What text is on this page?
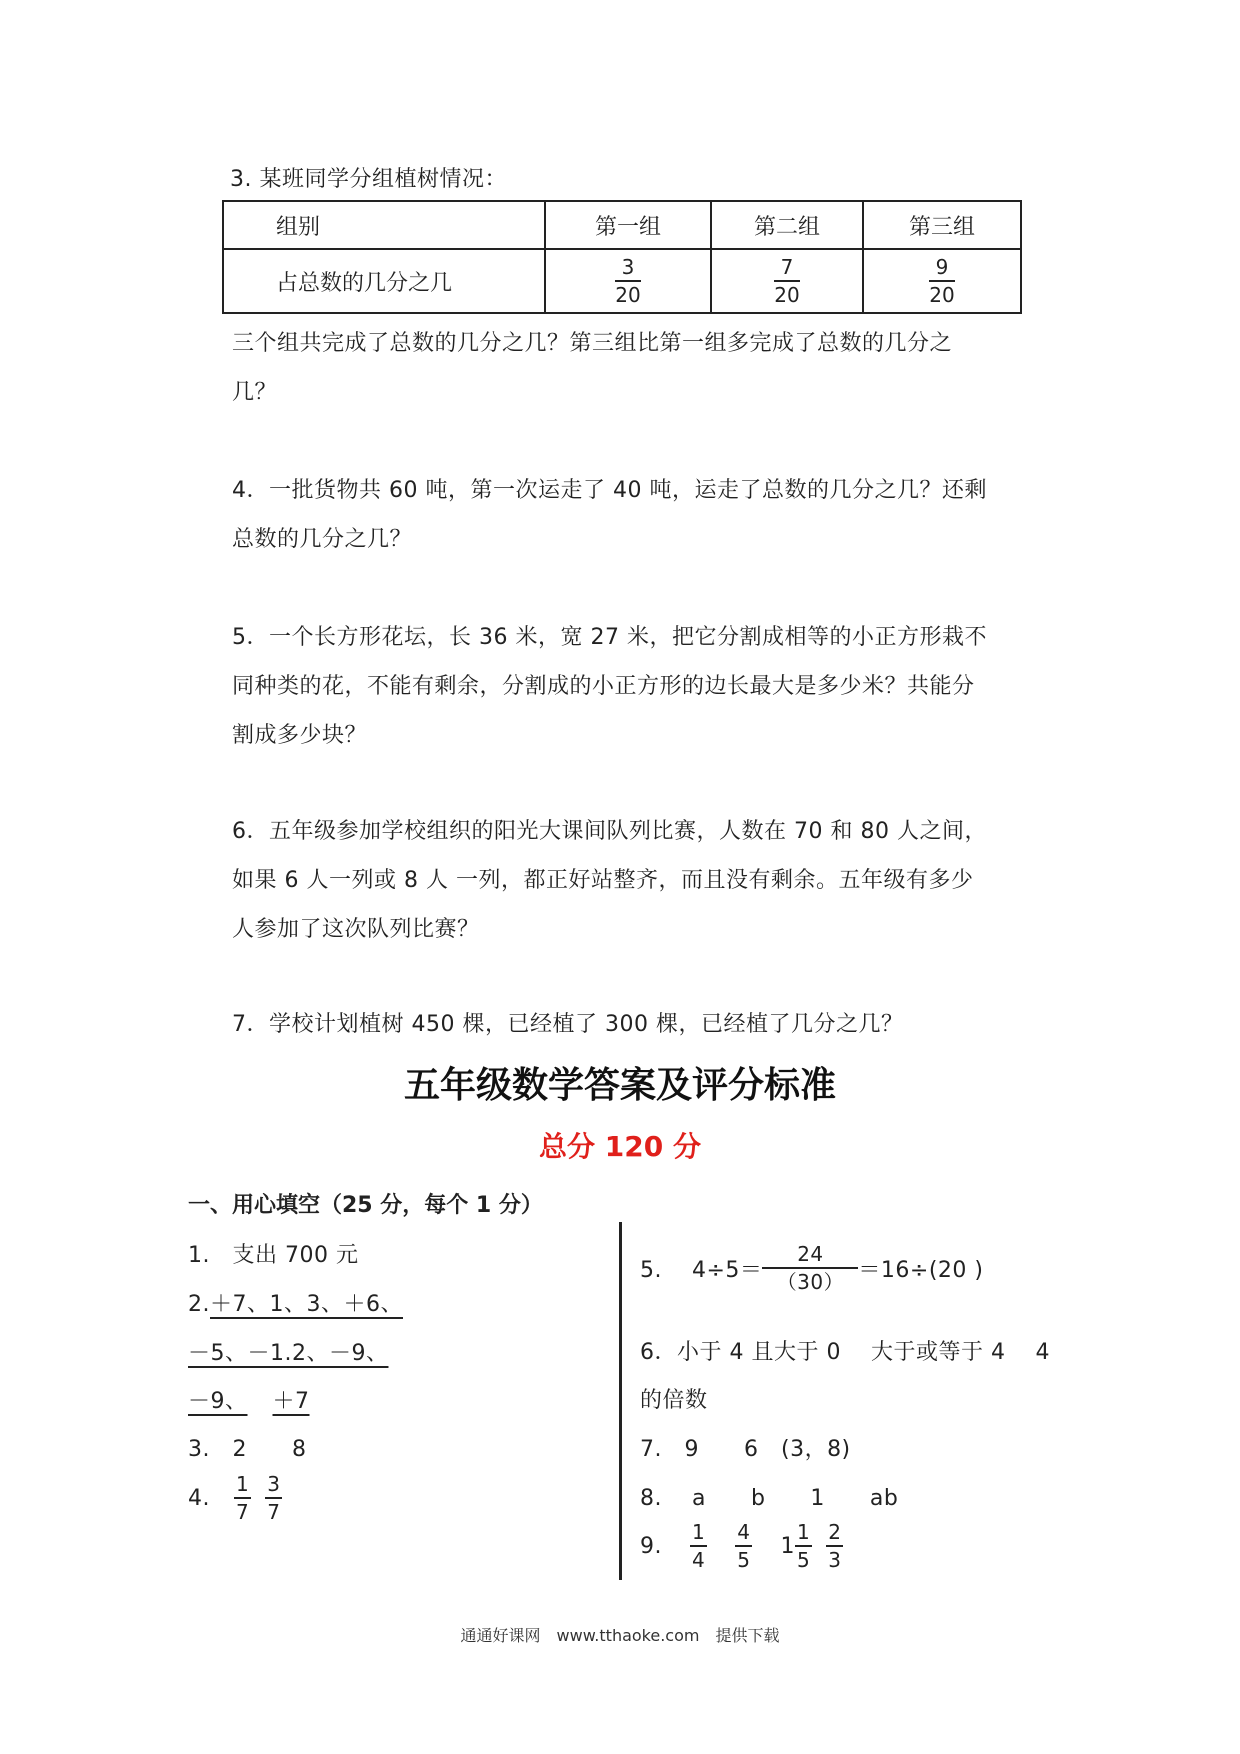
3. 某班同学分组植树情况：
组别	第一组	第二组	第三组
占总数的几分之几	$\frac{3}{20}$	$\frac{7}{20}$	$\frac{9}{20}$
三个组共完成了总数的几分之几？第三组比第一组多完成了总数的几分之
几？
4．一批货物共 60 吨，第一次运走了 40 吨，运走了总数的几分之几？还剩
总数的几分之几？
5．一个长方形花坛，长 36 米，宽 27 米，把它分割成相等的小正方形栽不
同种类的花，不能有剩余，分割成的小正方形的边长最大是多少米？共能分
割成多少块？
6．五年级参加学校组织的阳光大课间队列比赛，人数在 70 和 80 人之间，
如果 6 人一列或 8 人 一列，都正好站整齐，而且没有剩余。五年级有多少
人参加了这次队列比赛？
7．学校计划植树 450 棵，已经植了 300 棵，已经植了几分之几？
五年级数学答案及评分标准
总分 120 分
一、用心填空（25 分，每个 1 分）
1.　支出 700 元
2.＋7、1、3、＋6、
－5、－1.2、－9、
－9、 ＋7
3.　2　　8
4. $\frac{1}{7} \frac{3}{7}$
5.　 $4\div 5= \frac{24}{(30)} =16\div(20$ )
6．小于 4 且大于 0　 大于或等于 4　 4
的倍数
7.　9　　6　(3，8)
8.　 a　　b　　1　　ab
9. $\frac{1}{4} \frac{4}{5} 1 \frac{1}{5} \frac{2}{3}$
通通好课网　www.tthaoke.com　提供下载
